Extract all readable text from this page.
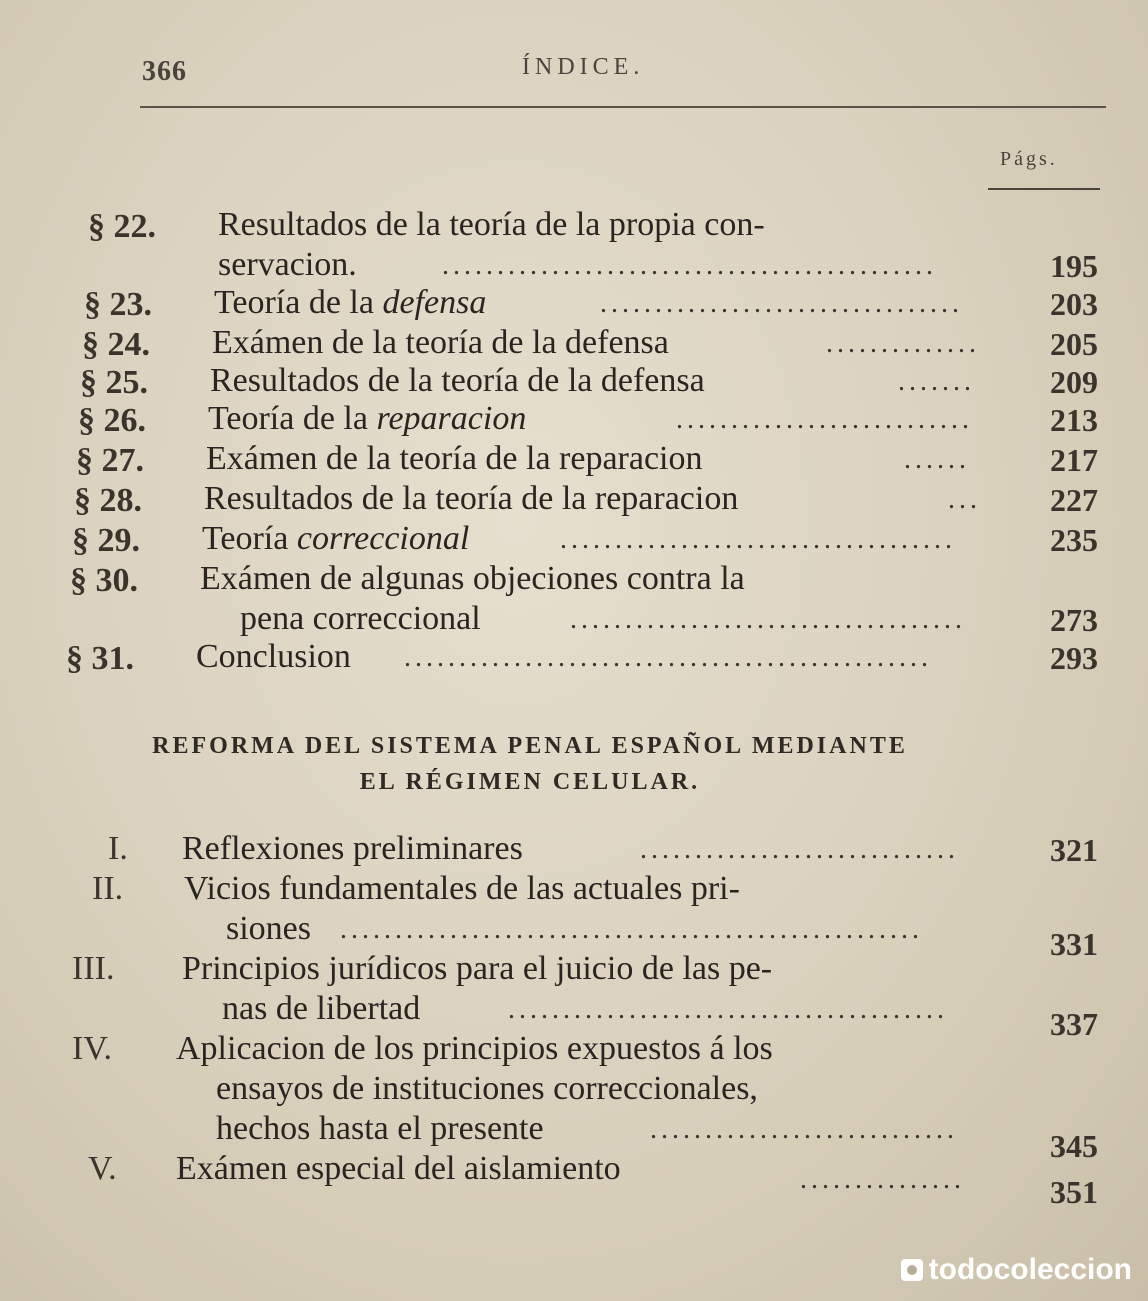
366	ÍNDICE.
Págs.
§ 22. Resultados de la teoría de la propia con-
servacion.	.............................................	195
§ 23. Teoría de la defensa	.................................	203
§ 24. Exámen de la teoría de la defensa	.............. 205
§ 25. Resultados de la teoría de la defensa	....... 209
§ 26. Teoría de la reparacion	........................... 213
§ 27. Exámen de la teoría de la reparacion	......	217
§ 28. Resultados de la teoría de la reparacion	... 227
§ 29. Teoría correccional	....................................	235
§ 30. Exámen de algunas objeciones contra la
pena correccional	....................................	273
§ 31. Conclusion ................................................	293
REFORMA DEL SISTEMA PENAL ESPAÑOL MEDIANTE
EL RÉGIMEN CELULAR.
I. Reflexiones preliminares	.............................	321
II. Vicios fundamentales de las actuales pri-
siones .....................................................	331
III. Principios jurídicos para el juicio de las pe-
nas de libertad	........................................	337
IV. Aplicacion de los principios expuestos á los
ensayos de instituciones correccionales,
hechos hasta el presente	............................	345
V. Exámen especial del aislamiento	...............	351
todocoleccion
